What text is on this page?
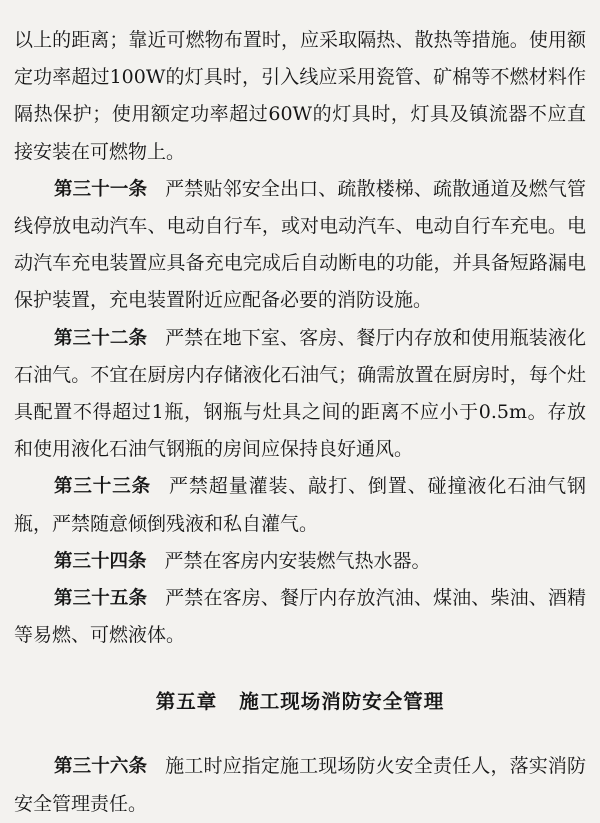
以上的距离；靠近可燃物布置时，应采取隔热、散热等措施。使用额定功率超过100W的灯具时，引入线应采用瓷管、矿棉等不燃材料作隔热保护；使用额定功率超过60W的灯具时，灯具及镇流器不应直接安装在可燃物上。

第三十一条 严禁贴邻安全出口、疏散楼梯、疏散通道及燃气管线停放电动汽车、电动自行车，或对电动汽车、电动自行车充电。电动汽车充电装置应具备充电完成后自动断电的功能，并具备短路漏电保护装置，充电装置附近应配备必要的消防设施。

第三十二条 严禁在地下室、客房、餐厅内存放和使用瓶装液化石油气。不宜在厨房内存储液化石油气；确需放置在厨房时，每个灶具配置不得超过1瓶，钢瓶与灶具之间的距离不应小于0.5m。存放和使用液化石油气钢瓶的房间应保持良好通风。

第三十三条 严禁超量灌装、敲打、倒置、碰撞液化石油气钢瓶，严禁随意倾倒残液和私自灌气。

第三十四条 严禁在客房内安装燃气热水器。

第三十五条 严禁在客房、餐厅内存放汽油、煤油、柴油、酒精等易燃、可燃液体。

第五章 施工现场消防安全管理

第三十六条 施工时应指定施工现场防火安全责任人，落实消防安全管理责任。
